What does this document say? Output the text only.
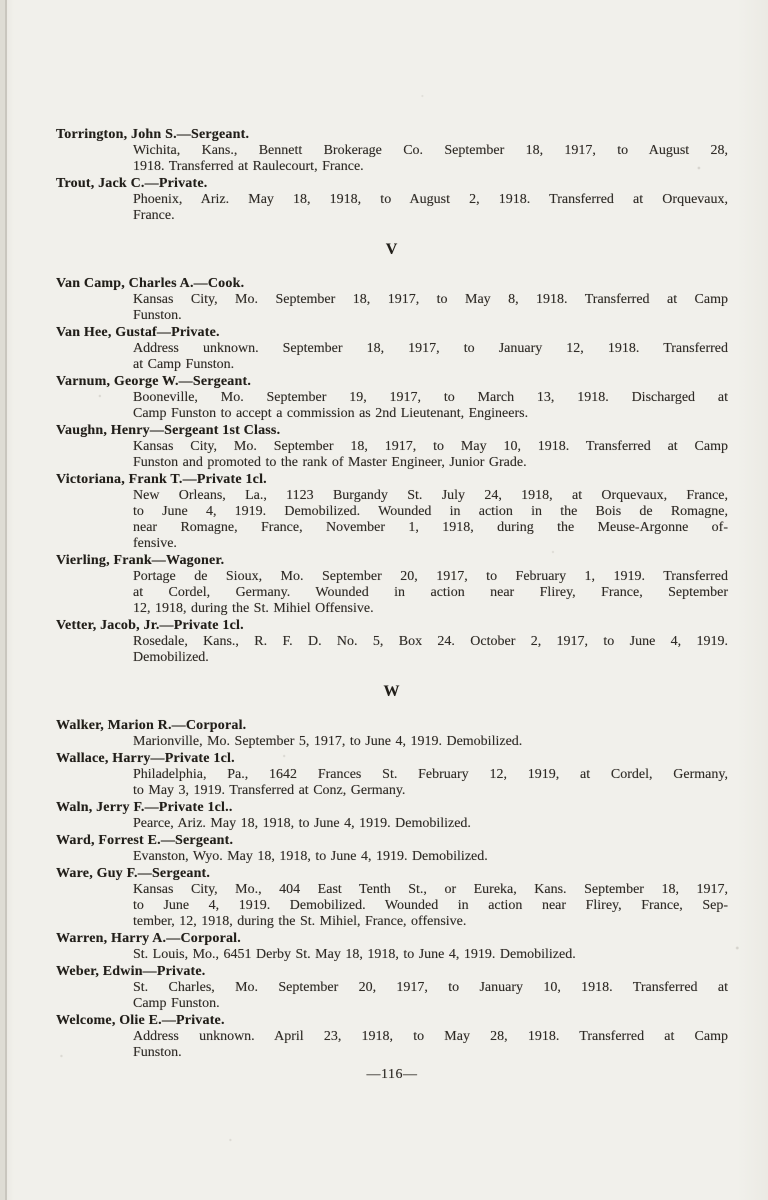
Torrington, John S.—Sergeant.
Wichita, Kans., Bennett Brokerage Co. September 18, 1917, to August 28,
1918. Transferred at Raulecourt, France.
Trout, Jack C.—Private.
Phoenix, Ariz. May 18, 1918, to August 2, 1918. Transferred at Orquevaux,
France.
V
Van Camp, Charles A.—Cook.
Kansas City, Mo. September 18, 1917, to May 8, 1918. Transferred at Camp
Funston.
Van Hee, Gustaf—Private.
Address unknown. September 18, 1917, to January 12, 1918. Transferred
at Camp Funston.
Varnum, George W.—Sergeant.
Booneville, Mo. September 19, 1917, to March 13, 1918. Discharged at
Camp Funston to accept a commission as 2nd Lieutenant, Engineers.
Vaughn, Henry—Sergeant 1st Class.
Kansas City, Mo. September 18, 1917, to May 10, 1918. Transferred at Camp
Funston and promoted to the rank of Master Engineer, Junior Grade.
Victoriana, Frank T.—Private 1cl.
New Orleans, La., 1123 Burgandy St. July 24, 1918, at Orquevaux, France,
to June 4, 1919. Demobilized. Wounded in action in the Bois de Romagne,
near Romagne, France, November 1, 1918, during the Meuse-Argonne of-
fensive.
Vierling, Frank—Wagoner.
Portage de Sioux, Mo. September 20, 1917, to February 1, 1919. Transferred
at Cordel, Germany. Wounded in action near Flirey, France, September
12, 1918, during the St. Mihiel Offensive.
Vetter, Jacob, Jr.—Private 1cl.
Rosedale, Kans., R. F. D. No. 5, Box 24. October 2, 1917, to June 4, 1919.
Demobilized.
W
Walker, Marion R.—Corporal.
Marionville, Mo. September 5, 1917, to June 4, 1919. Demobilized.
Wallace, Harry—Private 1cl.
Philadelphia, Pa., 1642 Frances St. February 12, 1919, at Cordel, Germany,
to May 3, 1919. Transferred at Conz, Germany.
Waln, Jerry F.—Private 1cl..
Pearce, Ariz. May 18, 1918, to June 4, 1919. Demobilized.
Ward, Forrest E.—Sergeant.
Evanston, Wyo. May 18, 1918, to June 4, 1919. Demobilized.
Ware, Guy F.—Sergeant.
Kansas City, Mo., 404 East Tenth St., or Eureka, Kans. September 18, 1917,
to June 4, 1919. Demobilized. Wounded in action near Flirey, France, Sep-
tember, 12, 1918, during the St. Mihiel, France, offensive.
Warren, Harry A.—Corporal.
St. Louis, Mo., 6451 Derby St. May 18, 1918, to June 4, 1919. Demobilized.
Weber, Edwin—Private.
St. Charles, Mo. September 20, 1917, to January 10, 1918. Transferred at
Camp Funston.
Welcome, Olie E.—Private.
Address unknown. April 23, 1918, to May 28, 1918. Transferred at Camp
Funston.
—116—
